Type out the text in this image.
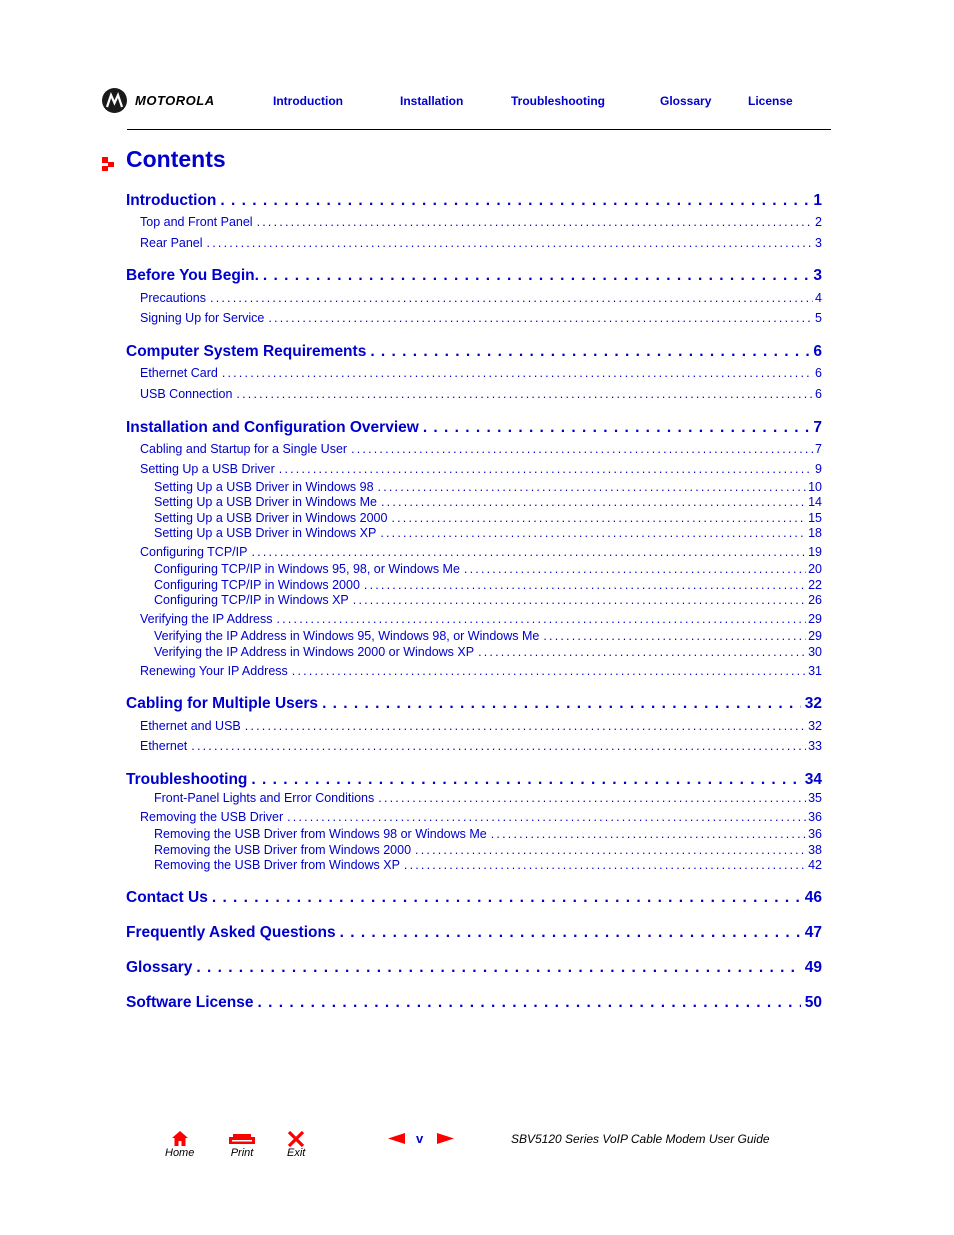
MOTOROLA	Introduction	Installation	Troubleshooting	Glossary	License
Contents
Introduction . . .	1
Top and Front Panel .....	2
Rear Panel .....	3
Before You Begin. . . .	3
Precautions .....	4
Signing Up for Service .....	5
Computer System Requirements . . .	6
Ethernet Card .....	6
USB Connection .....	6
Installation and Configuration Overview . . .	7
Cabling and Startup for a Single User .....	7
Setting Up a USB Driver .....	9
Setting Up a USB Driver in Windows 98 .....	10
Setting Up a USB Driver in Windows Me .....	14
Setting Up a USB Driver in Windows 2000 .....	15
Setting Up a USB Driver in Windows XP .....	18
Configuring TCP/IP .....	19
Configuring TCP/IP in Windows 95, 98, or Windows Me .....	20
Configuring TCP/IP in Windows 2000 .....	22
Configuring TCP/IP in Windows XP .....	26
Verifying the IP Address .....	29
Verifying the IP Address in Windows 95, Windows 98, or Windows Me .....	29
Verifying the IP Address in Windows 2000 or Windows XP .....	30
Renewing Your IP Address .....	31
Cabling for Multiple Users . . .	32
Ethernet and USB .....	32
Ethernet .....	33
Troubleshooting . . .	34
Front-Panel Lights and Error Conditions .....	35
Removing the USB Driver .....	36
Removing the USB Driver from Windows 98 or Windows Me .....	36
Removing the USB Driver from Windows 2000 .....	38
Removing the USB Driver from Windows XP .....	42
Contact Us . . .	46
Frequently Asked Questions . . .	47
Glossary . . .	49
Software License . . .	50
Home	Print	Exit
v	SBV5120 Series VoIP Cable Modem User Guide
